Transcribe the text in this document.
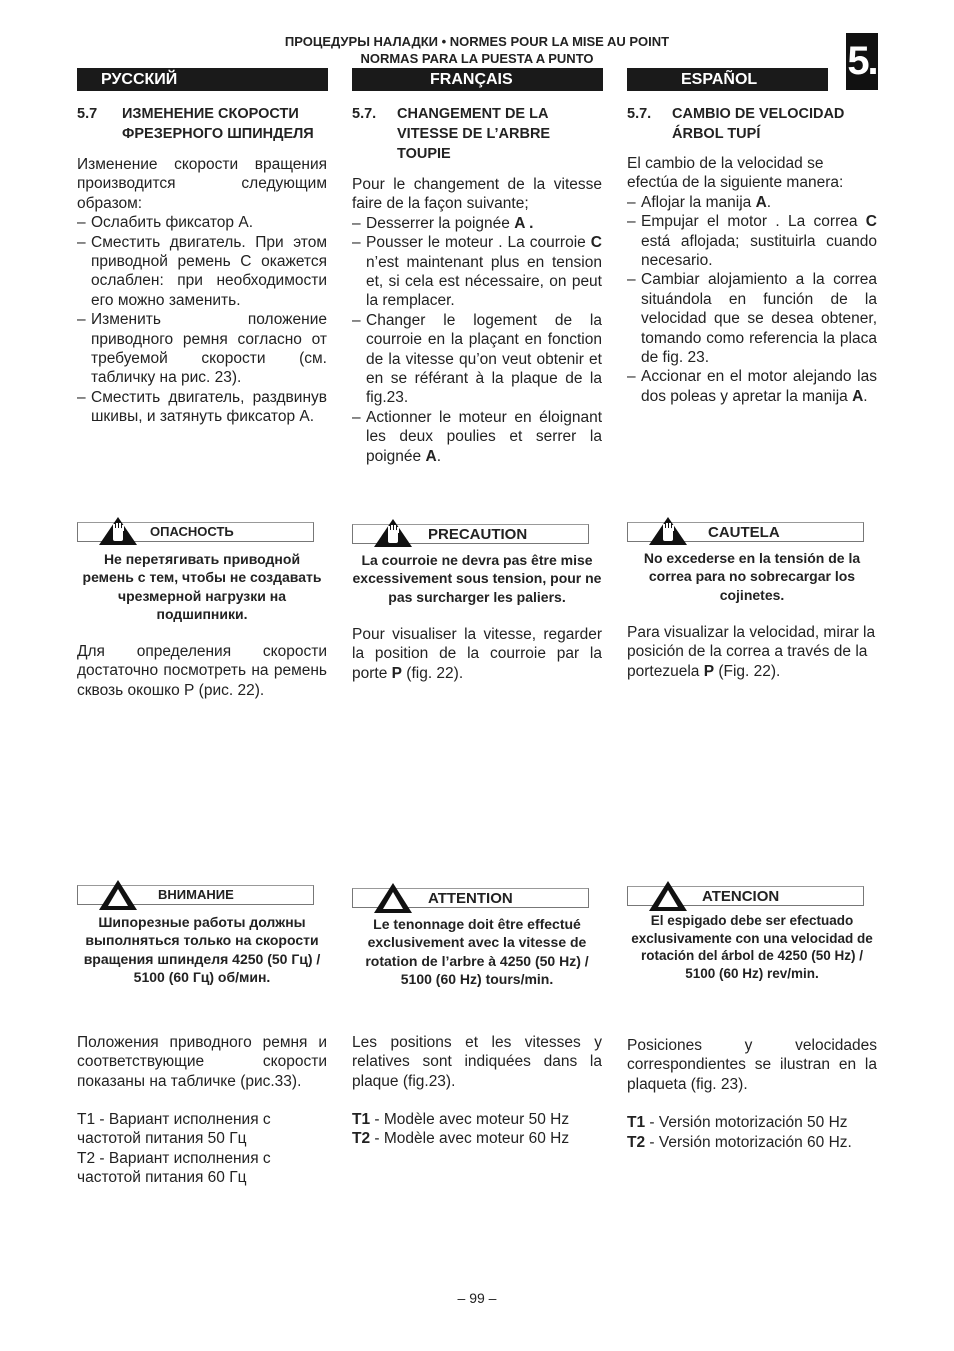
ПРОЦЕДУРЫ НАЛАДКИ • NORMES POUR LA MISE AU POINT
NORMAS PARA LA PUESTA A PUNTO	5.
РУССКИЙ	FRANÇAIS	ESPAÑOL
5.7	ИЗМЕНЕНИЕ СКОРОСТИ ФРЕЗЕРНОГО ШПИНДЕЛЯ

Изменение скорости вращения производится следующим образом:

– Ослабить фиксатор А.
– Сместить двигатель. При этом приводной ремень С окажется ослаблен: при необходимости его можно заменить.
– Изменить положение приводного ремня согласно от требуемой скорости (см. табличку на рис. 23).
– Сместить двигатель, раздвинув шкивы, и затянуть фиксатор А.
ОПАСНОСТЬ
Не перетягивать приводной ремень с тем, чтобы не создавать чрезмерной нагрузки на подшипники.

Для определения скорости достаточно посмотреть на ремень сквозь окошко Р (рис. 22).

ВНИМАНИЕ
Шипорезные работы должны выполняться только на скорости вращения шпинделя 4250 (50 Гц) / 5100 (60 Гц) об/мин.

Положения приводного ремня и соответствующие скорости показаны на табличке (рис.33).

T1 - Вариант исполнения с частотой питания 50 Гц

T2 - Вариант исполнения с частотой питания 60 Гц

5.7.	CHANGEMENT DE LA VITESSE DE L’ARBRE TOUPIE

Pour le changement de la vitesse faire de la façon suivante;

– Desserrer la poignée A .
– Pousser le moteur . La courroie C n’est maintenant plus en tension et, si cela est nécessaire, on peut la remplacer.
– Changer le logement de la courroie en la plaçant en fonction de la vitesse qu’on veut obtenir et en se référant à la plaque de la fig.23.
– Actionner le moteur en éloignant les deux poulies et serrer la poignée A.
PRECAUTION
La courroie ne devra pas être mise excessivement sous tension, pour ne pas surcharger les paliers.

Pour visualiser la vitesse, regarder la position de la courroie par la porte P (fig. 22).

ATTENTION
Le tenonnage doit être effectué exclusivement avec la vitesse de rotation de l’arbre à 4250 (50 Hz) / 5100 (60 Hz) tours/min.

Les positions et les vitesses y relatives sont indiquées dans la plaque (fig.23).

T1 - Modèle avec moteur 50 Hz

T2 - Modèle avec moteur 60 Hz

5.7.	CAMBIO DE VELOCIDAD ÁRBOL TUPÍ

El cambio de la velocidad se efectúa de la siguiente manera:

– Aflojar la manija A.
– Empujar el motor . La correa C está aflojada; sustituirla cuando necesario.
– Cambiar alojamiento a la correa situándola en función de la velocidad que se desea obtener, tomando como referencia la placa de fig. 23.
– Accionar en el motor alejando las dos poleas y apretar la manija A.
CAUTELA
No excederse en la tensión de la correa para no sobrecargar los cojinetes.

Para visualizar la velocidad, mirar la posición de la correa a través de la portezuela P (Fig. 22).

ATENCION
El espigado debe ser efectuado exclusivamente con una velocidad de rotación del árbol de 4250 (50 Hz) / 5100 (60 Hz) rev/min.

Posiciones y velocidades correspondientes se ilustran en la plaqueta (fig. 23).

T1 - Versión motorización 50 Hz

T2 - Versión motorización 60 Hz.

– 99 –
